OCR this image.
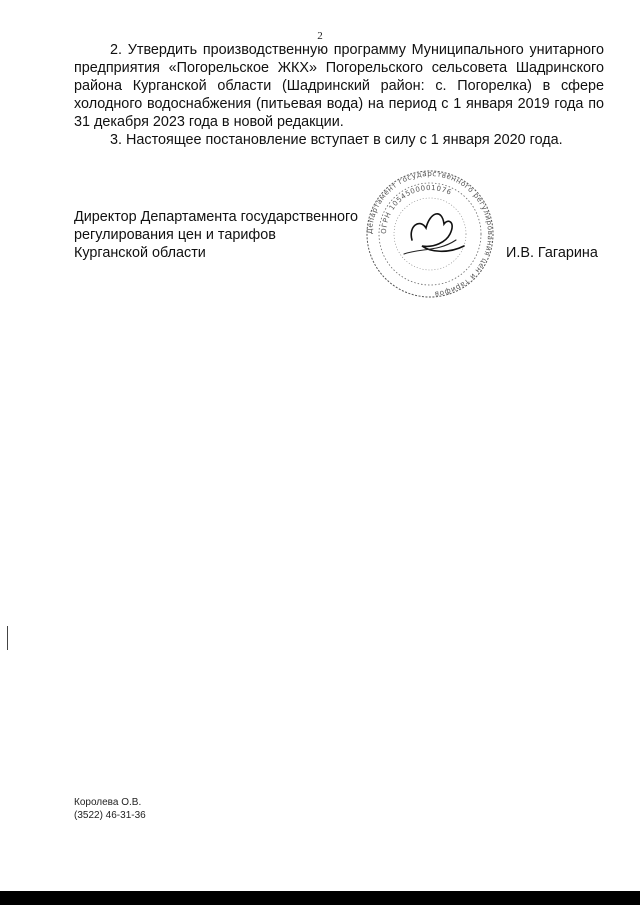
2

2. Утвердить производственную программу Муниципального унитарного предприятия «Погорельское ЖКХ» Погорельского сельсовета Шадринского района Курганской области (Шадринский район: с. Погорелка) в сфере холодного водоснабжения (питьевая вода) на период с 1 января 2019 года по 31 декабря 2023 года в новой редакции.

3. Настоящее постановление вступает в силу с 1 января 2020 года.

Директор Департамента государственного
регулирования цен и тарифов
Курганской области
Департамент государственного регулирования цен и тарифов
ОГРН 1054500001076
И.В. Гагарина
Королева О.В.
(3522) 46-31-36
